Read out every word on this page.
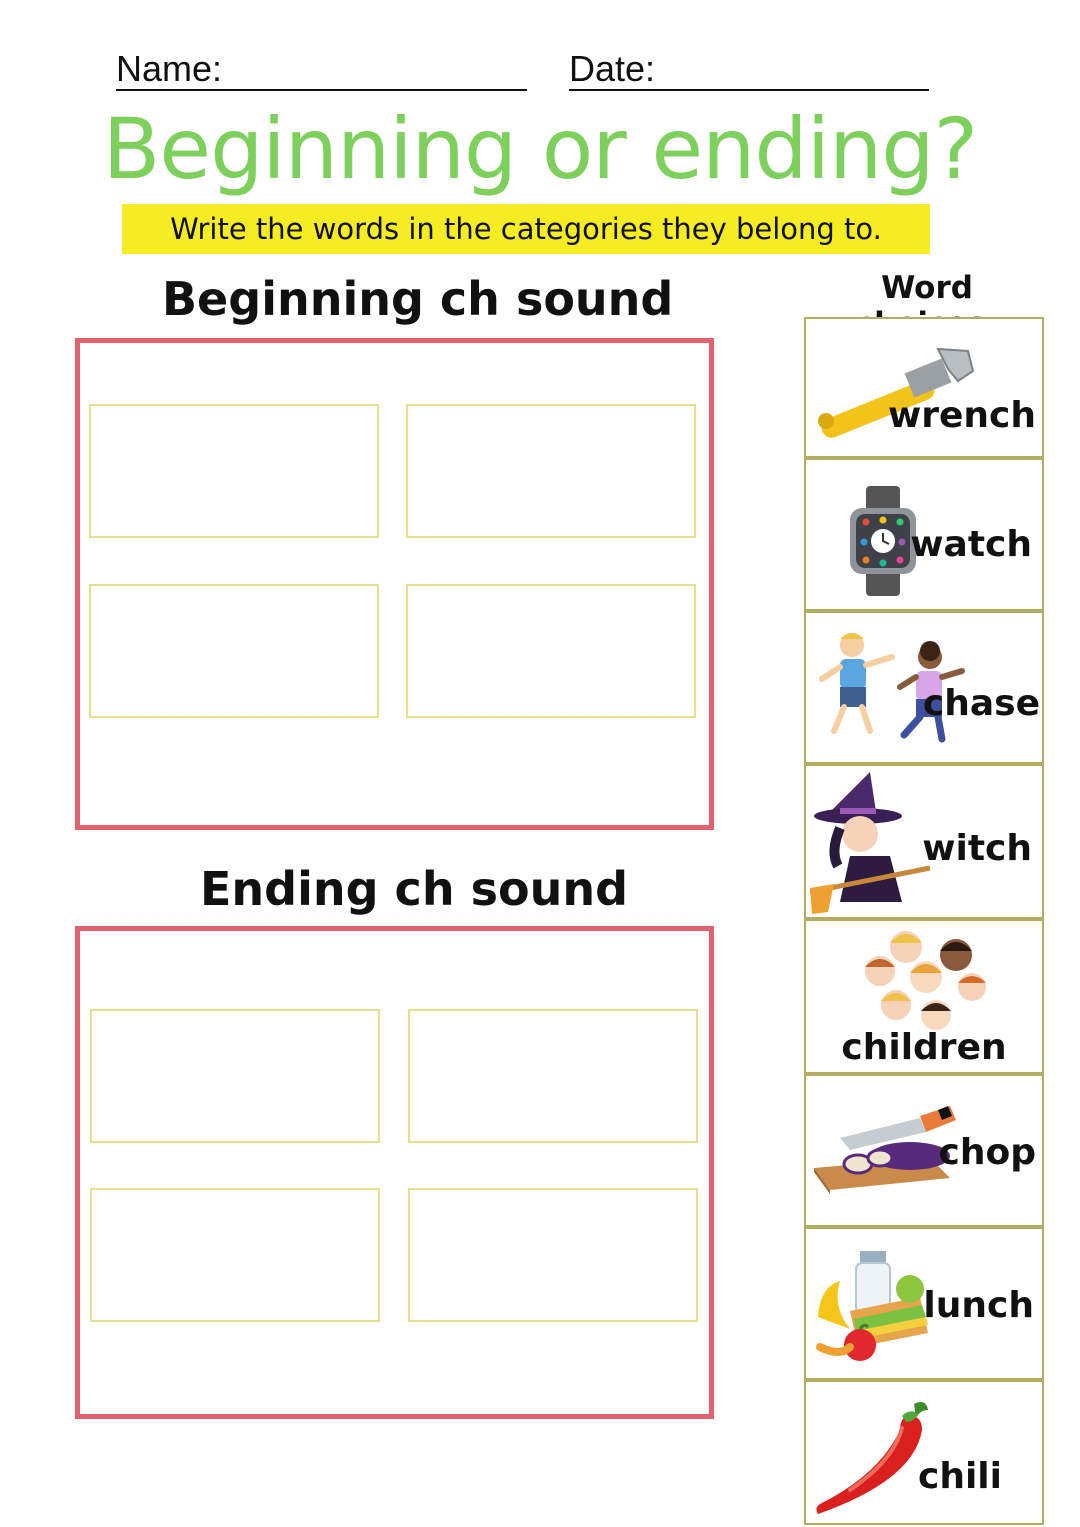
Name:	Date:
Beginning or ending?
Write the words in the categories they belong to.
Beginning ch sound
Ending ch sound
Word
wrench
watch
chase
witch
children
chop
lunch
chili
